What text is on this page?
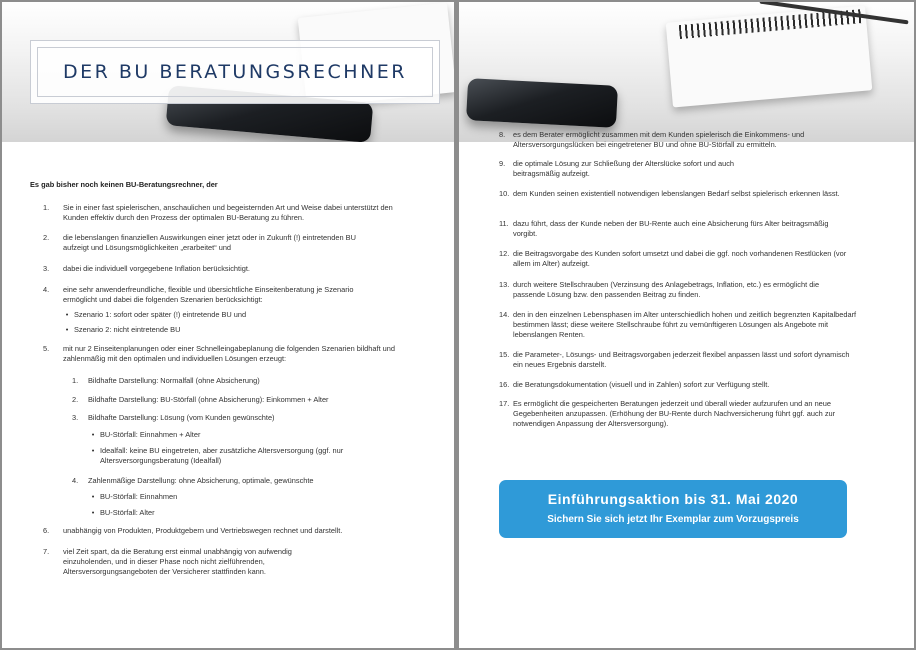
DER BU BERATUNGSRECHNER
Es gab bisher noch keinen BU-Beratungsrechner, der
1.	Sie in einer fast spielerischen, anschaulichen und begeisternden Art und Weise dabei unterstützt den Kunden effektiv durch den Prozess der optimalen BU-Beratung zu führen.
2.	die lebenslangen finanziellen Auswirkungen einer jetzt oder in Zukunft (!) eintretenden BU aufzeigt und Lösungsmöglichkeiten „erarbeitet“ und
3.	dabei die individuell vorgegebene Inflation berücksichtigt.
4.	eine sehr anwenderfreundliche, flexible und übersichtliche Einseitenberatung je Szenario ermöglicht und dabei die folgenden Szenarien berücksichtigt:
• Szenario 1: sofort oder später (!) eintretende BU und
• Szenario 2: nicht eintretende BU
5.	mit nur 2 Einseitenplanungen oder einer Schnelleingabeplanung die folgenden Szenarien bildhaft und zahlenmäßig mit den optimalen und individuellen Lösungen erzeugt:
1.	Bildhafte Darstellung: Normalfall (ohne Absicherung)
2.	Bildhafte Darstellung: BU-Störfall (ohne Absicherung): Einkommen + Alter
3.	Bildhafte Darstellung: Lösung (vom Kunden gewünschte)
• BU-Störfall: Einnahmen + Alter
• Idealfall: keine BU eingetreten, aber zusätzliche Altersversorgung (ggf. nur Altersversorgungsberatung (Idealfall)
4.	Zahlenmäßige Darstellung: ohne Absicherung, optimale, gewünschte
• BU-Störfall: Einnahmen
• BU-Störfall: Alter
6.	unabhängig von Produkten, Produktgebern und Vertriebswegen rechnet und darstellt.
7.	viel Zeit spart, da die Beratung erst einmal unabhängig von aufwendig einzuholenden, und in dieser Phase noch nicht zielführenden, Altersversorgungsangeboten der Versicherer stattfinden kann.
8.	es dem Berater ermöglicht zusammen mit dem Kunden spielerisch die Einkommens- und Altersversorgungslücken bei eingetretener BU und ohne BU-Störfall zu ermitteln.
9.	die optimale Lösung zur Schließung der Alterslücke sofort und auch beitragsmäßig aufzeigt.
10. dem Kunden seinen existentiell notwendigen lebenslangen Bedarf selbst spielerisch erkennen lässt.
11. dazu führt, dass der Kunde neben der BU-Rente auch eine Absicherung fürs Alter beitragsmäßig vorgibt.
12. die Beitragsvorgabe des Kunden sofort umsetzt und dabei die ggf. noch vorhandenen Restlücken (vor allem im Alter) aufzeigt.
13. durch weitere Stellschrauben (Verzinsung des Anlagebetrags, Inflation, etc.) es ermöglicht die passende Lösung bzw. den passenden Beitrag zu finden.
14. den in den einzelnen Lebensphasen im Alter unterschiedlich hohen und zeitlich begrenzten Kapitalbedarf bestimmen lässt; diese weitere Stellschraube führt zu vernünftigeren Lösungen als Angebote mit lebenslangen Renten.
15. die Parameter-, Lösungs- und Beitragsvorgaben jederzeit flexibel anpassen lässt und sofort dynamisch ein neues Ergebnis darstellt.
16. die Beratungsdokumentation (visuell und in Zahlen) sofort zur Verfügung stellt.
17. Es ermöglicht die gespeicherten Beratungen jederzeit und überall wieder aufzurufen und an neue Gegebenheiten anzupassen. (Erhöhung der BU-Rente durch Nachversicherung führt ggf. auch zur notwendigen Anpassung der Altersversorgung).
Einführungsaktion bis 31. Mai 2020
Sichern Sie sich jetzt Ihr Exemplar zum Vorzugspreis
